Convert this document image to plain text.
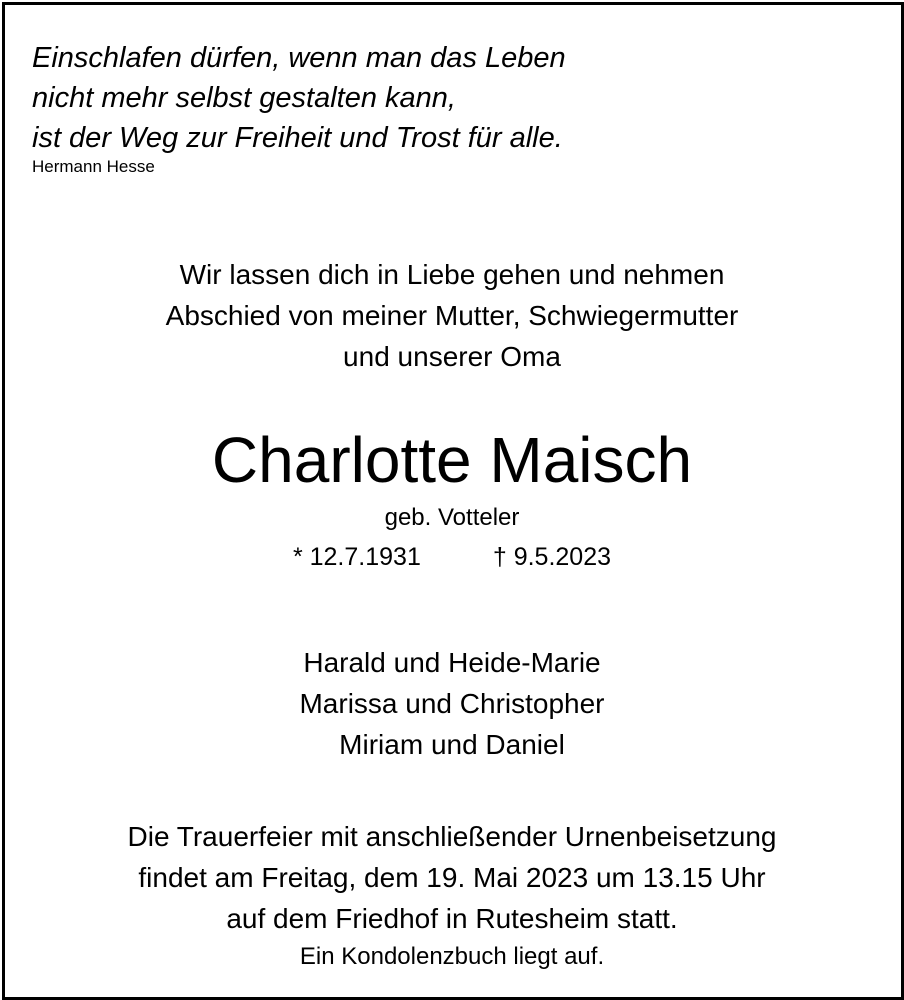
Einschlafen dürfen, wenn man das Leben
nicht mehr selbst gestalten kann,
ist der Weg zur Freiheit und Trost für alle.
Hermann Hesse
Wir lassen dich in Liebe gehen und nehmen
Abschied von meiner Mutter, Schwiegermutter
und unserer Oma
Charlotte Maisch
geb. Votteler
* 12.7.1931	† 9.5.2023
Harald und Heide-Marie
Marissa und Christopher
Miriam und Daniel
Die Trauerfeier mit anschließender Urnenbeisetzung
findet am Freitag, dem 19. Mai 2023 um 13.15 Uhr
auf dem Friedhof in Rutesheim statt.
Ein Kondolenzbuch liegt auf.
